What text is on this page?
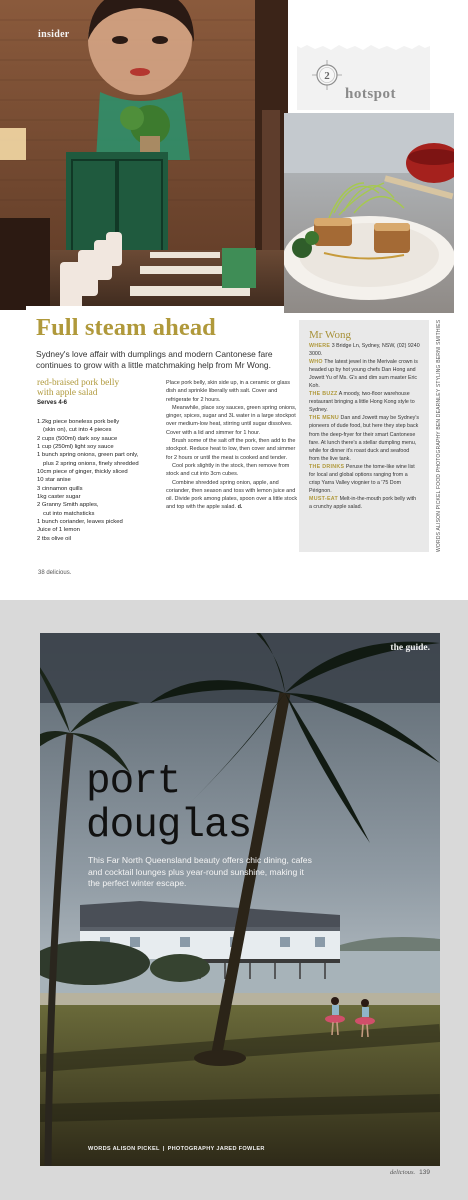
insider
2
hotspot
Full steam ahead

Sydney's love affair with dumplings and modern Cantonese fare continues to grow with a little matchmaking help from Mr Wong.

red-braised pork belly
with apple salad
Serves 4-6
1.2kg piece boneless pork belly
(skin on), cut into 4 pieces
2 cups (500ml) dark soy sauce
1 cup (250ml) light soy sauce
1 bunch spring onions, green part only,
plus 2 spring onions, finely shredded
10cm piece of ginger, thickly sliced
10 star anise
3 cinnamon quills
1kg caster sugar
2 Granny Smith apples,
cut into matchsticks
1 bunch coriander, leaves picked
Juice of 1 lemon
2 tbs olive oil

Place pork belly, skin side up, in a ceramic or glass dish and sprinkle liberally with salt. Cover and refrigerate for 2 hours.

Meanwhile, place soy sauces, green spring onions, ginger, spices, sugar and 3L water in a large stockpot over medium-low heat, stirring until sugar dissolves. Cover with a lid and simmer for 1 hour.

Brush some of the salt off the pork, then add to the stockpot. Reduce heat to low, then cover and simmer for 2 hours or until the meat is cooked and tender.

Cool pork slightly in the stock, then remove from stock and cut into 3cm cubes.

Combine shredded spring onion, apple, and coriander, then season and toss with lemon juice and oil. Divide pork among plates, spoon over a little stock and top with the apple salad. d.

38 delicious.
Mr Wong

WHERE 3 Bridge Ln, Sydney, NSW, (02) 9240 3000.

WHO The latest jewel in the Merivale crown is headed up by hot young chefs Dan Hong and Jowett Yu of Ms. G's and dim sum master Eric Koh.

THE BUZZ A moody, two-floor warehouse restaurant bringing a little Hong Kong style to Sydney.

THE MENU Dan and Jowett may be Sydney's pioneers of dude food, but here they step back from the deep-fryer for their smart Cantonese fare. At lunch there's a stellar dumpling menu, while for dinner it's roast duck and seafood from the live tank.

THE DRINKS Peruse the tome-like wine list for local and global options ranging from a crisp Yarra Valley viognier to a '75 Dom Pérignon.

MUST-EAT Melt-in-the-mouth pork belly with a crunchy apple salad.	WORDS ALISON PICKEL FOOD PHOTOGRAPHY BEN DEARNLEY STYLING BERNI SMITHIES
the guide.
port
douglas

This Far North Queensland beauty offers chic dining, cafes and cocktail lounges plus year-round sunshine, making it the perfect winter escape.

WORDS ALISON PICKEL | PHOTOGRAPHY JARED FOWLER
delicious. 139
